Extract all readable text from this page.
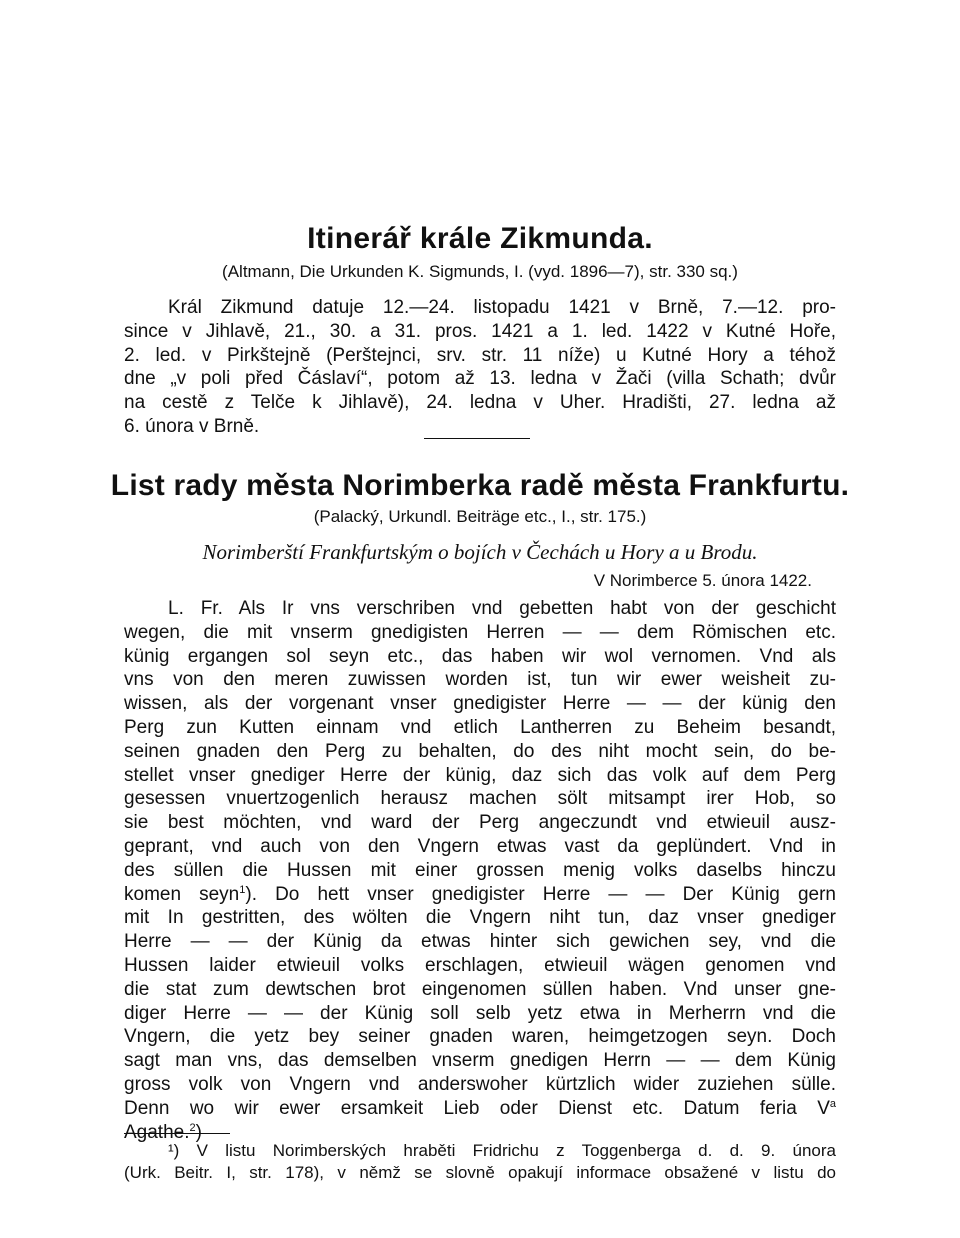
Itinerář krále Zikmunda.
(Altmann, Die Urkunden K. Sigmunds, I. (vyd. 1896—7), str. 330 sq.)
Král Zikmund datuje 12.—24. listopadu 1421 v Brně, 7.—12. pro-
since v Jihlavě, 21., 30. a 31. pros. 1421 a 1. led. 1422 v Kutné Hoře,
2. led. v Pirkštejně (Perštejnci, srv. str. 11 níže) u Kutné Hory a téhož
dne „v poli před Čáslaví“, potom až 13. ledna v Žači (villa Schath; dvůr
na cestě z Telče k Jihlavě), 24. ledna v Uher. Hradišti, 27. ledna až
6. února v Brně.
List rady města Norimberka radě města Frankfurtu.
(Palacký, Urkundl. Beiträge etc., I., str. 175.)
Norimberští Frankfurtským o bojích v Čechách u Hory a u Brodu.
V Norimberce 5. února 1422.
L. Fr. Als Ir vns verschriben vnd gebetten habt von der geschicht
wegen, die mit vnserm gnedigisten Herren — — dem Römischen etc.
künig ergangen sol seyn etc., das haben wir wol vernomen. Vnd als
vns von den meren zuwissen worden ist, tun wir ewer weisheit zu-
wissen, als der vorgenant vnser gnedigister Herre — — der künig den
Perg zun Kutten einnam vnd etlich Lantherren zu Beheim besandt,
seinen gnaden den Perg zu behalten, do des niht mocht sein, do be-
stellet vnser gnediger Herre der künig, daz sich das volk auf dem Perg
gesessen vnuertzogenlich herausz machen sölt mitsampt irer Hob, so
sie best möchten, vnd ward der Perg angeczundt vnd etwieuil ausz-
geprant, vnd auch von den Vngern etwas vast da geplündert. Vnd in
des süllen die Hussen mit einer grossen menig volks daselbs hinczu
komen seyn$^1$). Do hett vnser gnedigister Herre — — Der Künig gern
mit In gestritten, des wölten die Vngern niht tun, daz vnser gnediger
Herre — — der Künig da etwas hinter sich gewichen sey, vnd die
Hussen laider etwieuil volks erschlagen, etwieuil wägen genomen vnd
die stat zum dewtschen brot eingenomen süllen haben. Vnd unser gne-
diger Herre — — der Künig soll selb yetz etwa in Merherrn vnd die
Vngern, die yetz bey seiner gnaden waren, heimgetzogen seyn. Doch
sagt man vns, das demselben vnserm gnedigen Herrn — — dem Künig
gross volk von Vngern vnd anderswoher kürtzlich wider zuziehen sülle.
Denn wo wir ewer ersamkeit Lieb oder Dienst etc. Datum feria $V^a$
Agathe.$^2$)
¹) V listu Norimberských hraběti Fridrichu z Toggenberga d. d. 9. února
(Urk. Beitr. I, str. 178), v němž se slovně opakují informace obsažené v listu do
